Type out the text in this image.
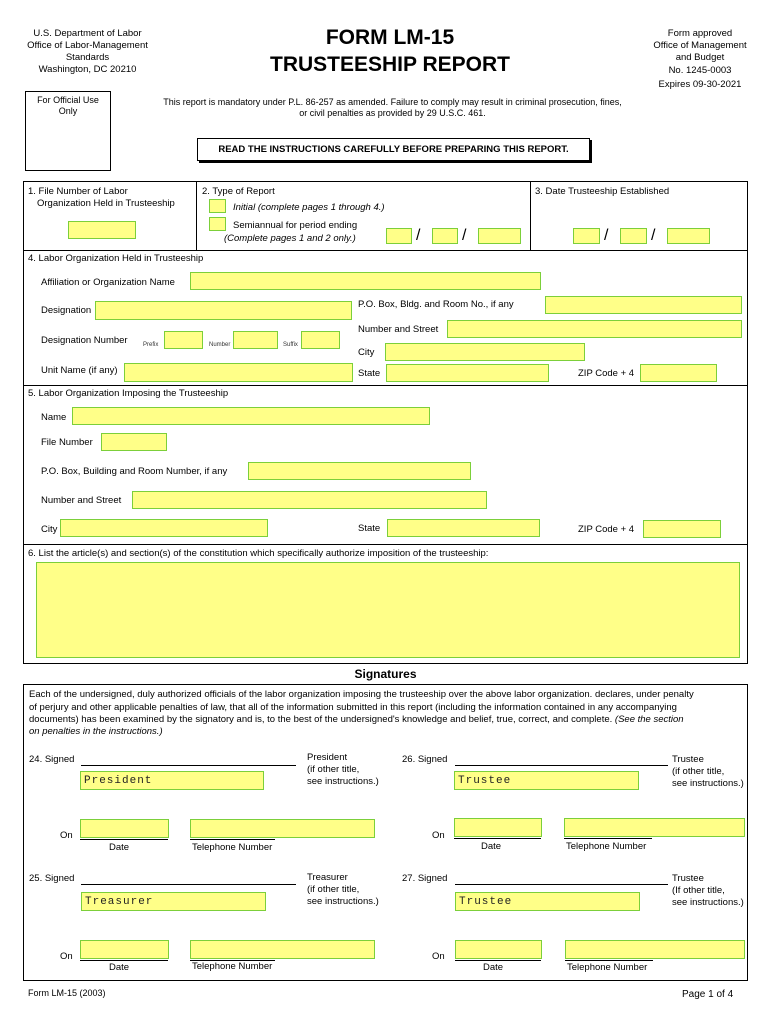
U.S. Department of Labor
Office of Labor-Management
Standards
Washington, DC 20210
FORM LM-15
TRUSTEESHIP REPORT
Form approved
Office of Management
and Budget
No. 1245-0003
Expires 09-30-2021
For Official Use
Only
This report is mandatory under P.L. 86-257 as amended. Failure to comply may result in criminal prosecution, fines,
or civil penalties as provided by 29 U.S.C. 461.
READ THE INSTRUCTIONS CAREFULLY BEFORE PREPARING THIS REPORT.
1. File Number of Labor
Organization Held in Trusteeship
2. Type of Report
Initial (complete pages 1 through 4.)
Semiannual for period ending
(Complete pages 1 and 2 only.)	/	/
3. Date Trusteeship Established
/	/
4. Labor Organization Held in Trusteeship
Affiliation or Organization Name
Designation
P.O. Box, Bldg. and Room No., if any
Number and Street
Designation Number	Prefix	Number	Suffix
City
Unit Name (if any)	State	ZIP Code + 4
5. Labor Organization Imposing the Trusteeship
Name
File Number
P.O. Box, Building and Room Number, if any
Number and Street
City	State	ZIP Code + 4
6. List the article(s) and section(s) of the constitution which specifically authorize imposition of the trusteeship:
Signatures
Each of the undersigned, duly authorized officials of the labor organization imposing the trusteeship over the above labor organization. declares, under penalty
of perjury and other applicable penalties of law, that all of the information submitted in this report (including the information contained in any accompanying
documents) has been examined by the signatory and is, to the best of the undersigned's knowledge and belief, true, correct, and complete. (See the section
on penalties in the instructions.)
24. Signed	President
(if other title,
see instructions.)
President
On
Date	Telephone Number
26. Signed	Trustee
(if other title,
see instructions.)
Trustee
On
Date	Telephone Number
25. Signed	Treasurer
(if other title,
see instructions.)
Treasurer
On
Date	Telephone Number
27. Signed	Trustee
(If other title,
see instructions.)
Trustee
On
Date	Telephone Number
Form LM-15 (2003)	Page 1 of 4
